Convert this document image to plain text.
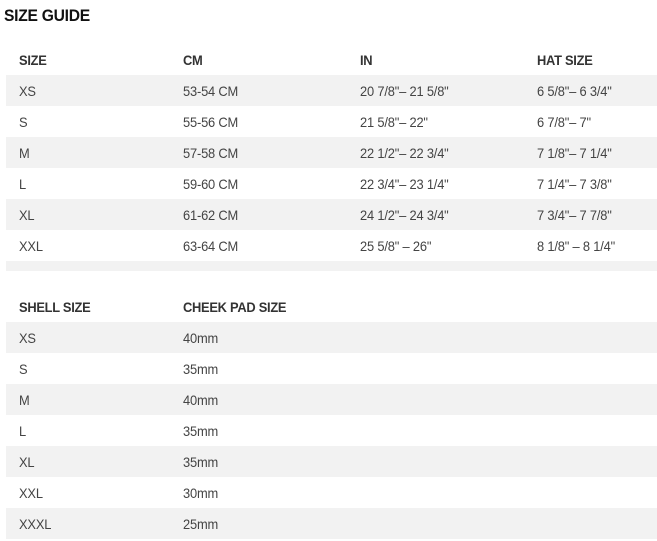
SIZE GUIDE
SIZE	CM	IN	HAT SIZE
XS	53-54 CM	20 7/8"– 21 5/8"	6 5/8"– 6 3/4"
S	55-56 CM	21 5/8"– 22"	6 7/8"– 7"
M	57-58 CM	22 1/2"– 22 3/4"	7 1/8"– 7 1/4"
L	59-60 CM	22 3/4"– 23 1/4"	7 1/4"– 7 3/8"
XL	61-62 CM	24 1/2"– 24 3/4"	7 3/4"– 7 7/8"
XXL	63-64 CM	25 5/8" – 26"	8 1/8" – 8 1/4"

SHELL SIZE	CHEEK PAD SIZE
XS	40mm
S	35mm
M	40mm
L	35mm
XL	35mm
XXL	30mm
XXXL	25mm
